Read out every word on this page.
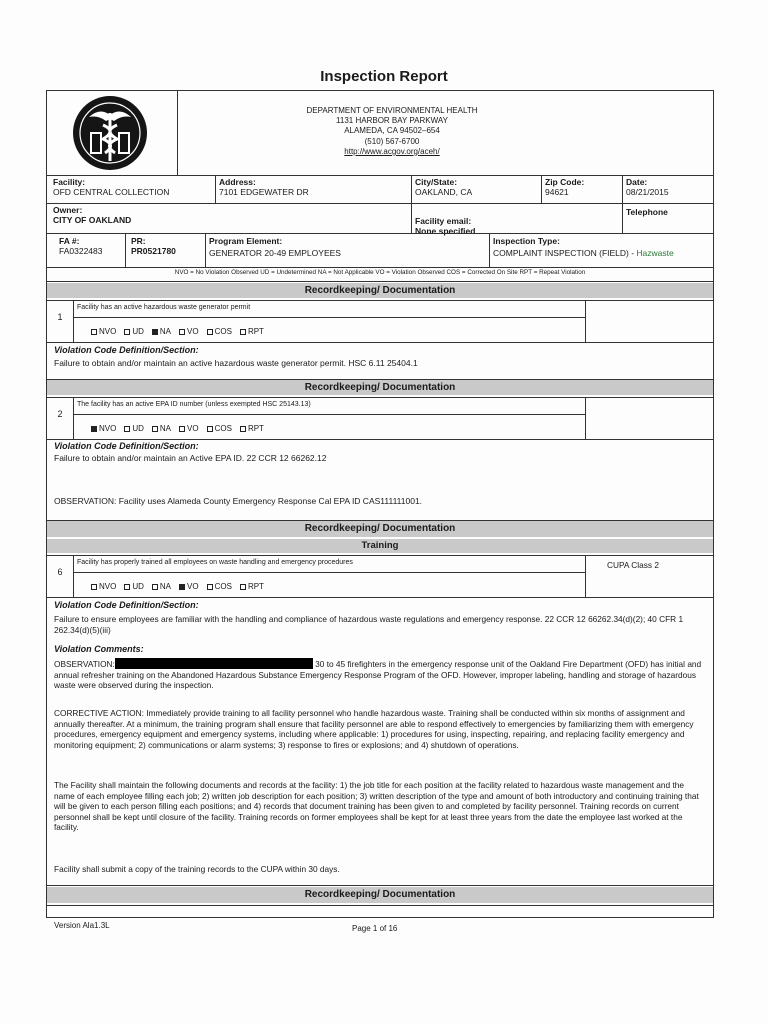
Inspection Report
DEPARTMENT OF ENVIRONMENTAL HEALTH
1131 HARBOR BAY PARKWAY
ALAMEDA, CA 94502–654
(510) 567-6700
http://www.acgov.org/aceh/
Facility:
OFD CENTRAL COLLECTION
Address:
7101 EDGEWATER DR
City/State:
OAKLAND, CA
Zip Code:
94621
Date:
08/21/2015
Owner:
CITY OF OAKLAND	Facility email:
None specified
Telephone
FA #:
FA0322483
PR:
PR0521780
Program Element:
GENERATOR 20-49 EMPLOYEES
Inspection Type:
COMPLAINT INSPECTION (FIELD) - Hazwaste
NVO = No Violation Observed UD = Undetermined NA = Not Applicable VO = Violation Observed COS = Corrected On Site RPT = Repeat Violation
Recordkeeping/ Documentation
1
Facility has an active hazardous waste generator permit
NVO UD NA VO COS RPT
Violation Code Definition/Section:
Failure to obtain and/or maintain an active hazardous waste generator permit. HSC 6.11 25404.1
Recordkeeping/ Documentation
2
The facility has an active EPA ID number (unless exempted HSC 25143.13)
NVO UD NA VO COS RPT
Violation Code Definition/Section:
Failure to obtain and/or maintain an Active EPA ID. 22 CCR 12 66262.12
OBSERVATION: Facility uses Alameda County Emergency Response Cal EPA ID CAS111111001.
Recordkeeping/ Documentation
Training
6
Facility has properly trained all employees on waste handling and emergency procedures	CUPA Class 2
NVO UD NA VO COS RPT
Violation Code Definition/Section:
Failure to ensure employees are familiar with the handling and compliance of hazardous waste regulations and emergency response. 22 CCR 12 66262.34(d)(2); 40 CFR 1 262.34(d)(5)(iii)
Violation Comments:
OBSERVATION:	30 to 45 firefighters in the emergency response unit of the Oakland Fire Department (OFD) has initial and annual refresher training on the Abandoned Hazardous Substance Emergency Response Program of the OFD. However, improper labeling, handling and storage of hazardous waste were observed during the inspection.
CORRECTIVE ACTION: Immediately provide training to all facility personnel who handle hazardous waste. Training shall be conducted within six months of assignment and annually thereafter. At a minimum, the training program shall ensure that facility personnel are able to respond effectively to emergencies by familiarizing them with emergency procedures, emergency equipment and emergency systems, including where applicable: 1) procedures for using, inspecting, repairing, and replacing facility emergency and monitoring equipment; 2) communications or alarm systems; 3) response to fires or explosions; and 4) shutdown of operations.
The Facility shall maintain the following documents and records at the facility: 1) the job title for each position at the facility related to hazardous waste management and the name of each employee filling each job; 2) written job description for each position; 3) written description of the type and amount of both introductory and continuing training that will be given to each person filling each positions; and 4) records that document training has been given to and completed by facility personnel. Training records on current personnel shall be kept until closure of the facility. Training records on former employees shall be kept for at least three years from the date the employee last worked at the facility.
Facility shall submit a copy of the training records to the CUPA within 30 days.
Recordkeeping/ Documentation
Version Ala1.3L	Page 1 of 16
